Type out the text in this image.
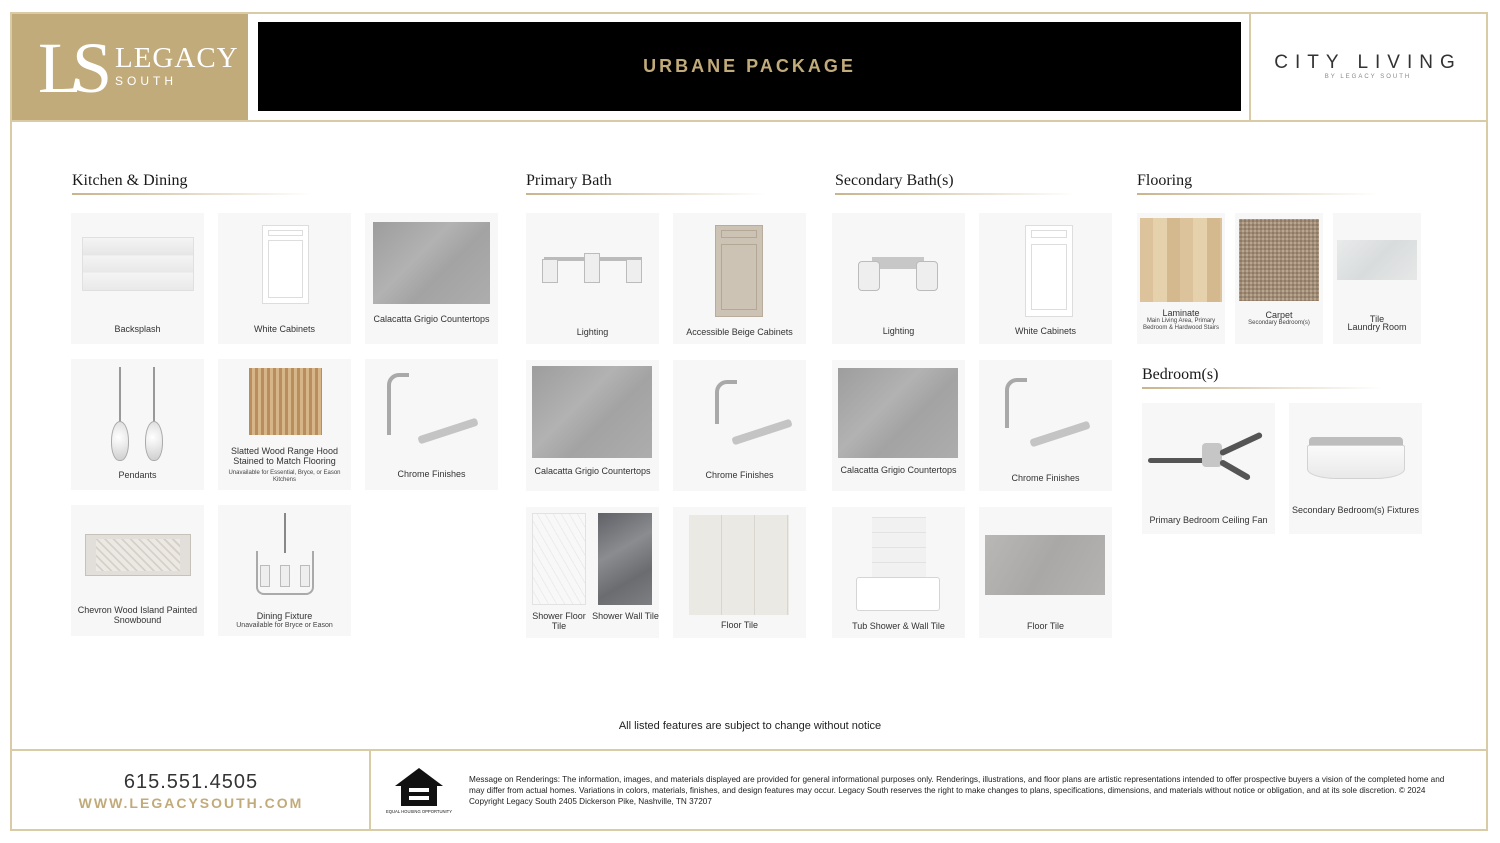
LS LEGACY
SOUTH
URBANE PACKAGE	CITY LIVING
BY LEGACY SOUTH
Kitchen & Dining
Backsplash	White Cabinets
Calacatta Grigio Countertops
Pendants
Slatted Wood Range Hood Stained to Match Flooring
Unavailable for Essential, Bryce, or Eason Kitchens
Chrome Finishes
Chevron Wood Island Painted Snowbound	Dining Fixture
Unavailable for Bryce or Eason
Primary Bath
Lighting	Accessible Beige Cabinets
Calacatta Grigio Countertops	Chrome Finishes
Shower Floor Tile
Shower Wall Tile
Floor Tile
Secondary Bath(s)
Lighting	White Cabinets
Calacatta Grigio Countertops
Chrome Finishes
Tub Shower & Wall Tile	Floor Tile
Flooring
Laminate
Main Living Area, Primary Bedroom & Hardwood Stairs
Carpet
Secondary Bedroom(s)	Tile
Laundry Room
Bedroom(s)
Primary Bedroom Ceiling Fan
Secondary Bedroom(s) Fixtures
All listed features are subject to change without notice
615.551.4505
WWW.LEGACYSOUTH.COM
EQUAL HOUSING OPPORTUNITY
Message on Renderings: The information, images, and materials displayed are provided for general informational purposes only. Renderings, illustrations, and floor plans are artistic representations intended to offer prospective buyers a vision of the completed home and may differ from actual homes. Variations in colors, materials, finishes, and design features may occur. Legacy South reserves the right to make changes to plans, specifications, dimensions, and materials without notice or obligation, and at its sole discretion. © 2024 Copyright Legacy South 2405 Dickerson Pike, Nashville, TN 37207
